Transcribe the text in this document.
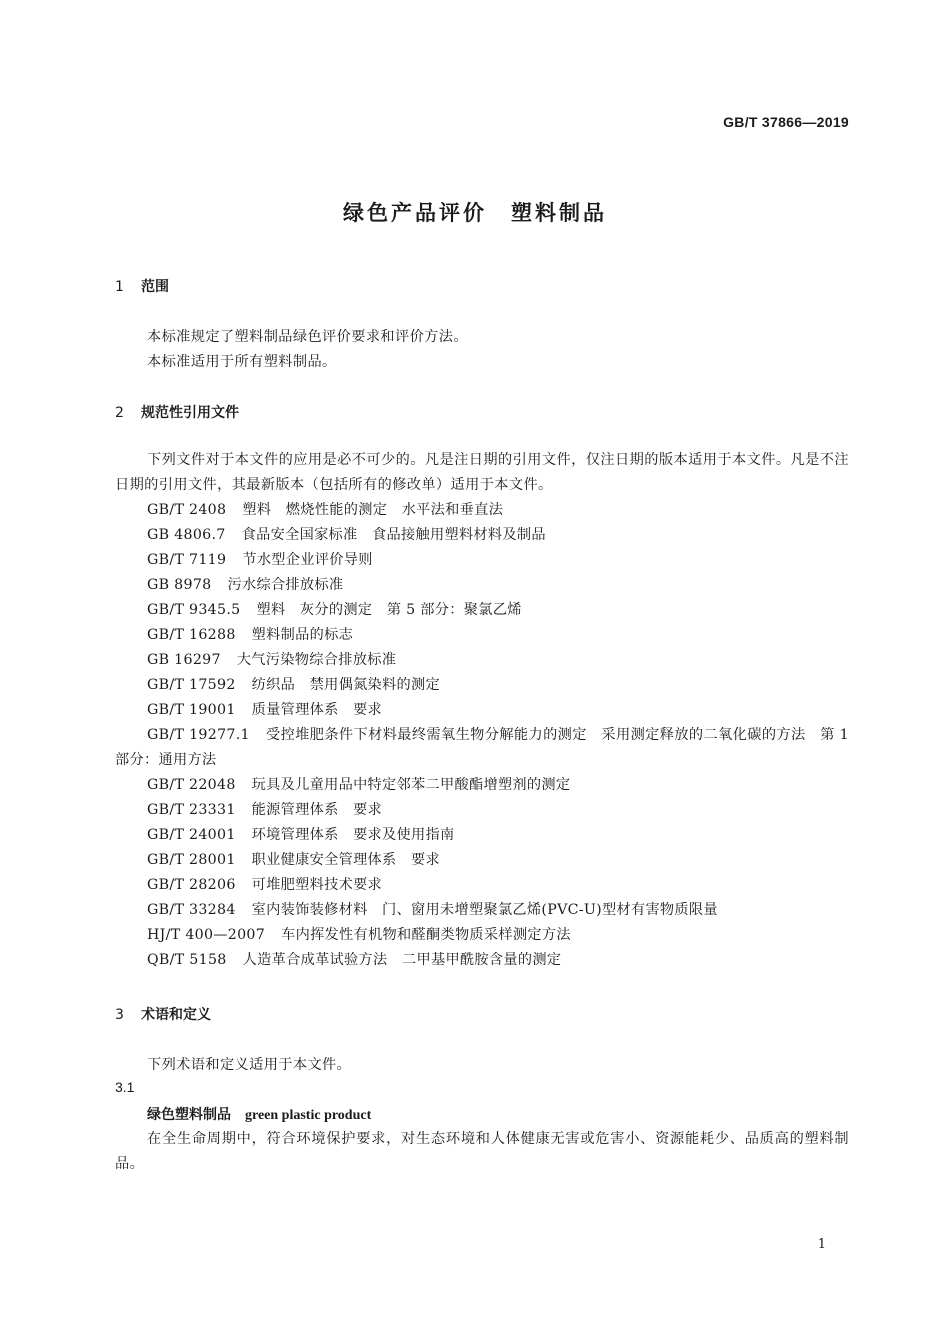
GB/T 37866—2019
绿色产品评价 塑料制品
1 范围
本标准规定了塑料制品绿色评价要求和评价方法。
本标准适用于所有塑料制品。
2 规范性引用文件
下列文件对于本文件的应用是必不可少的。凡是注日期的引用文件，仅注日期的版本适用于本文件。凡是不注日期的引用文件，其最新版本（包括所有的修改单）适用于本文件。
GB/T 2408 塑料　燃烧性能的测定　水平法和垂直法
GB 4806.7 食品安全国家标准　食品接触用塑料材料及制品
GB/T 7119 节水型企业评价导则
GB 8978 污水综合排放标准
GB/T 9345.5 塑料　灰分的测定　第 5 部分：聚氯乙烯
GB/T 16288 塑料制品的标志
GB 16297 大气污染物综合排放标准
GB/T 17592 纺织品　禁用偶氮染料的测定
GB/T 19001 质量管理体系　要求
GB/T 19277.1 受控堆肥条件下材料最终需氧生物分解能力的测定　采用测定释放的二氧化碳的方法　第 1 部分：通用方法
GB/T 22048 玩具及儿童用品中特定邻苯二甲酸酯增塑剂的测定
GB/T 23331 能源管理体系　要求
GB/T 24001 环境管理体系　要求及使用指南
GB/T 28001 职业健康安全管理体系　要求
GB/T 28206 可堆肥塑料技术要求
GB/T 33284 室内装饰装修材料　门、窗用未增塑聚氯乙烯(PVC-U)型材有害物质限量
HJ/T 400—2007 车内挥发性有机物和醛酮类物质采样测定方法
QB/T 5158 人造革合成革试验方法　二甲基甲酰胺含量的测定
3 术语和定义
下列术语和定义适用于本文件。
3.1
绿色塑料制品 green plastic product
在全生命周期中，符合环境保护要求，对生态环境和人体健康无害或危害小、资源能耗少、品质高的塑料制品。
1
